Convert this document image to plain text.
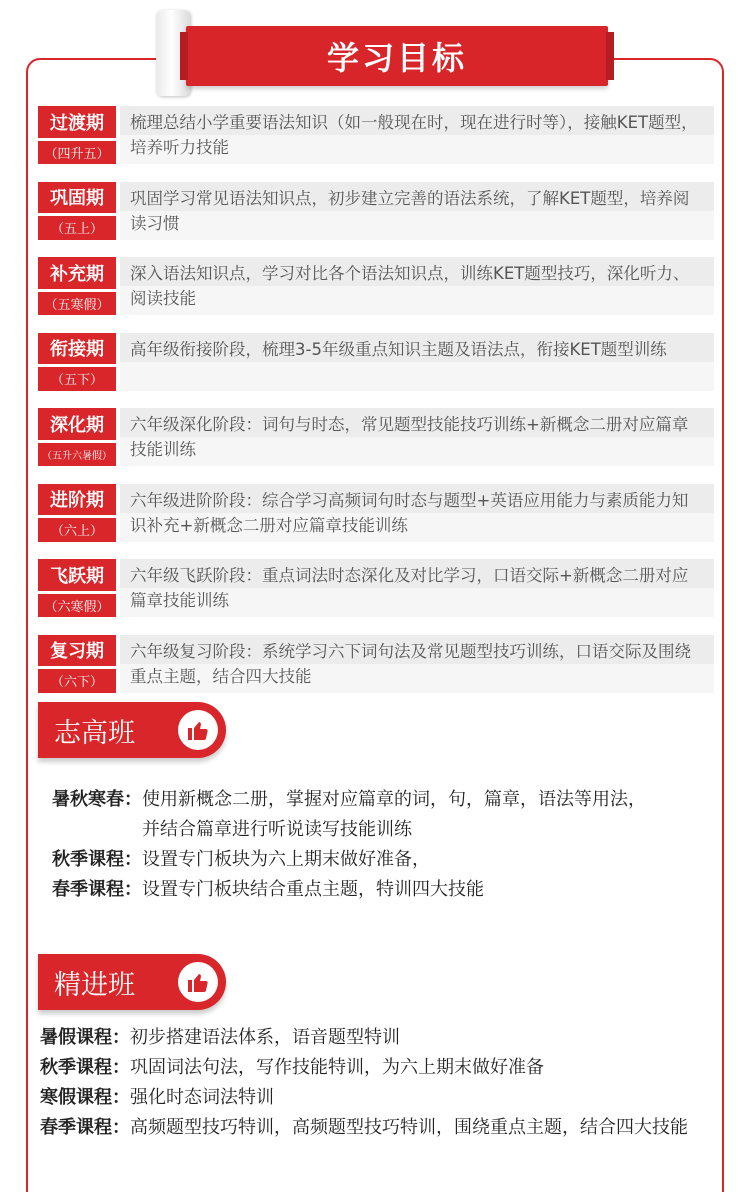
学习目标
过渡期
（四升五）
梳理总结小学重要语法知识（如一般现在时，现在进行时等），接触KET题型，培养听力技能
巩固期
（五上）
巩固学习常见语法知识点，初步建立完善的语法系统，了解KET题型，培养阅读习惯
补充期
（五寒假）
深入语法知识点，学习对比各个语法知识点，训练KET题型技巧，深化听力、阅读技能
衔接期
（五下）
高年级衔接阶段，梳理3-5年级重点知识主题及语法点，衔接KET题型训练
深化期
（五升六暑假）
六年级深化阶段：词句与时态，常见题型技能技巧训练+新概念二册对应篇章技能训练
进阶期
（六上）
六年级进阶阶段：综合学习高频词句时态与题型+英语应用能力与素质能力知识补充+新概念二册对应篇章技能训练
飞跃期
（六寒假）
六年级飞跃阶段：重点词法时态深化及对比学习，口语交际+新概念二册对应篇章技能训练
复习期
（六下）
六年级复习阶段：系统学习六下词句法及常见题型技巧训练，口语交际及围绕重点主题，结合四大技能
志高班
暑秋寒春： 使用新概念二册，掌握对应篇章的词，句，篇章，语法等用法，并结合篇章进行听说读写技能训练
秋季课程： 设置专门板块为六上期末做好准备，
春季课程： 设置专门板块结合重点主题，特训四大技能
精进班
暑假课程： 初步搭建语法体系，语音题型特训
秋季课程： 巩固词法句法，写作技能特训，为六上期末做好准备
寒假课程： 强化时态词法特训
春季课程： 高频题型技巧特训，高频题型技巧特训，围绕重点主题，结合四大技能
